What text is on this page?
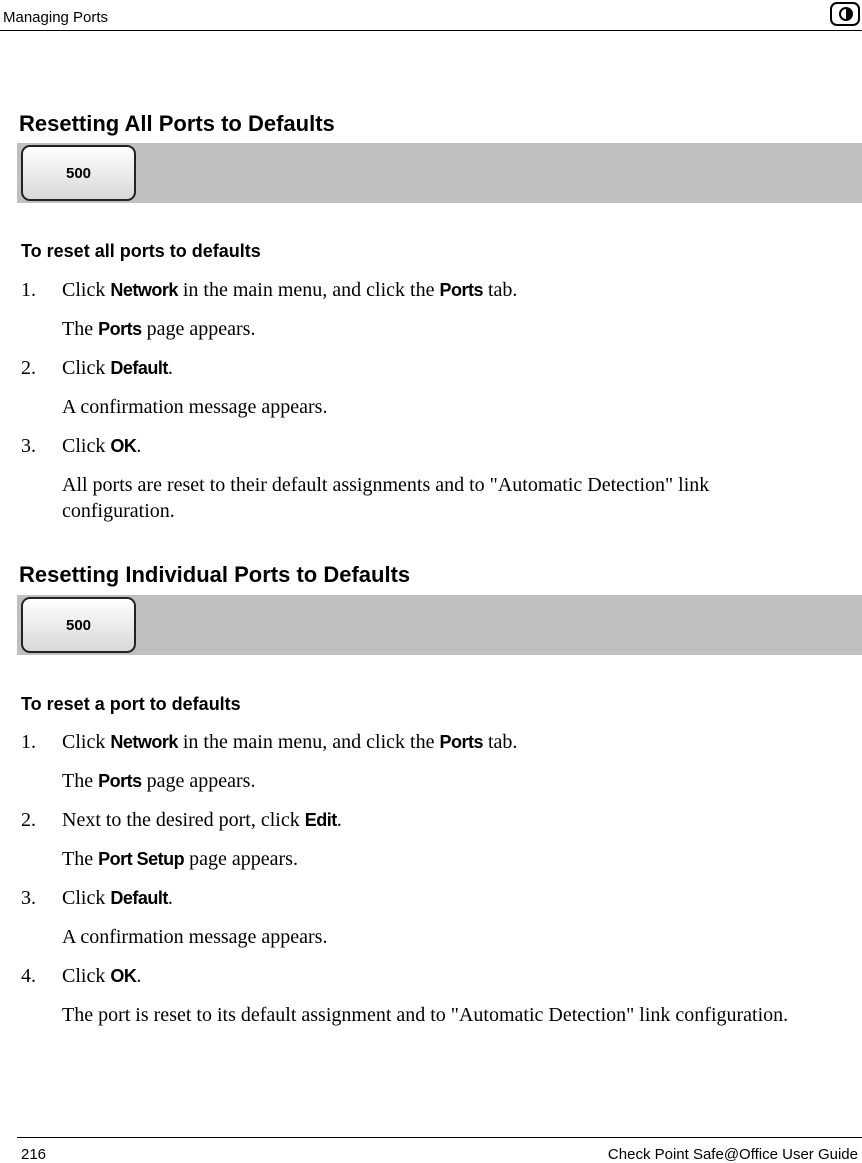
Managing Ports
Resetting All Ports to Defaults
500
To reset all ports to defaults
1. Click Network in the main menu, and click the Ports tab.
The Ports page appears.
2. Click Default.
A confirmation message appears.
3. Click OK.
All ports are reset to their default assignments and to "Automatic Detection" link configuration.
Resetting Individual Ports to Defaults
500
To reset a port to defaults
1. Click Network in the main menu, and click the Ports tab.
The Ports page appears.
2. Next to the desired port, click Edit.
The Port Setup page appears.
3. Click Default.
A confirmation message appears.
4. Click OK.
The port is reset to its default assignment and to "Automatic Detection" link configuration.
216	Check Point Safe@Office User Guide
